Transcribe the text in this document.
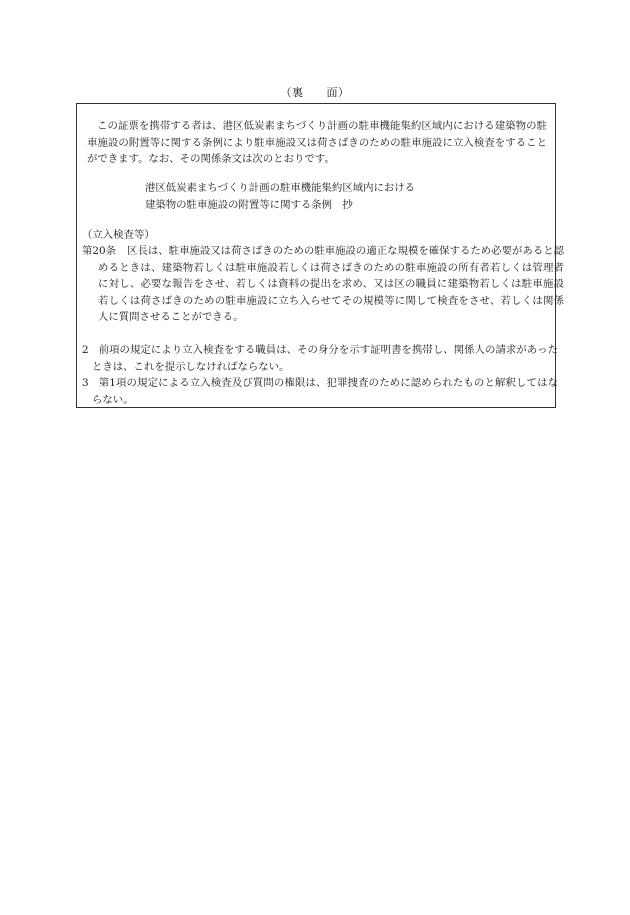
（裏　　面）

この証票を携帯する者は、港区低炭素まちづくり計画の駐車機能集約区域内における建築物の駐車施設の附置等に関する条例により駐車施設又は荷さばきのための駐車施設に立入検査をすることができます。なお、その関係条文は次のとおりです。

港区低炭素まちづくり計画の駐車機能集約区域内における
建築物の駐車施設の附置等に関する条例　抄

（立入検査等）

第20条 区長は、駐車施設又は荷さばきのための駐車施設の適正な規模を確保するため必要があると認めるときは、建築物若しくは駐車施設若しくは荷さばきのための駐車施設の所有者若しくは管理者に対し、必要な報告をさせ、若しくは資料の提出を求め、又は区の職員に建築物若しくは駐車施設若しくは荷さばきのための駐車施設に立ち入らせてその規模等に関して検査をさせ、若しくは関係人に質問させることができる。

2 前項の規定により立入検査をする職員は、その身分を示す証明書を携帯し、関係人の請求があったときは、これを提示しなければならない。

3 第1項の規定による立入検査及び質問の権限は、犯罪捜査のために認められたものと解釈してはならない。
